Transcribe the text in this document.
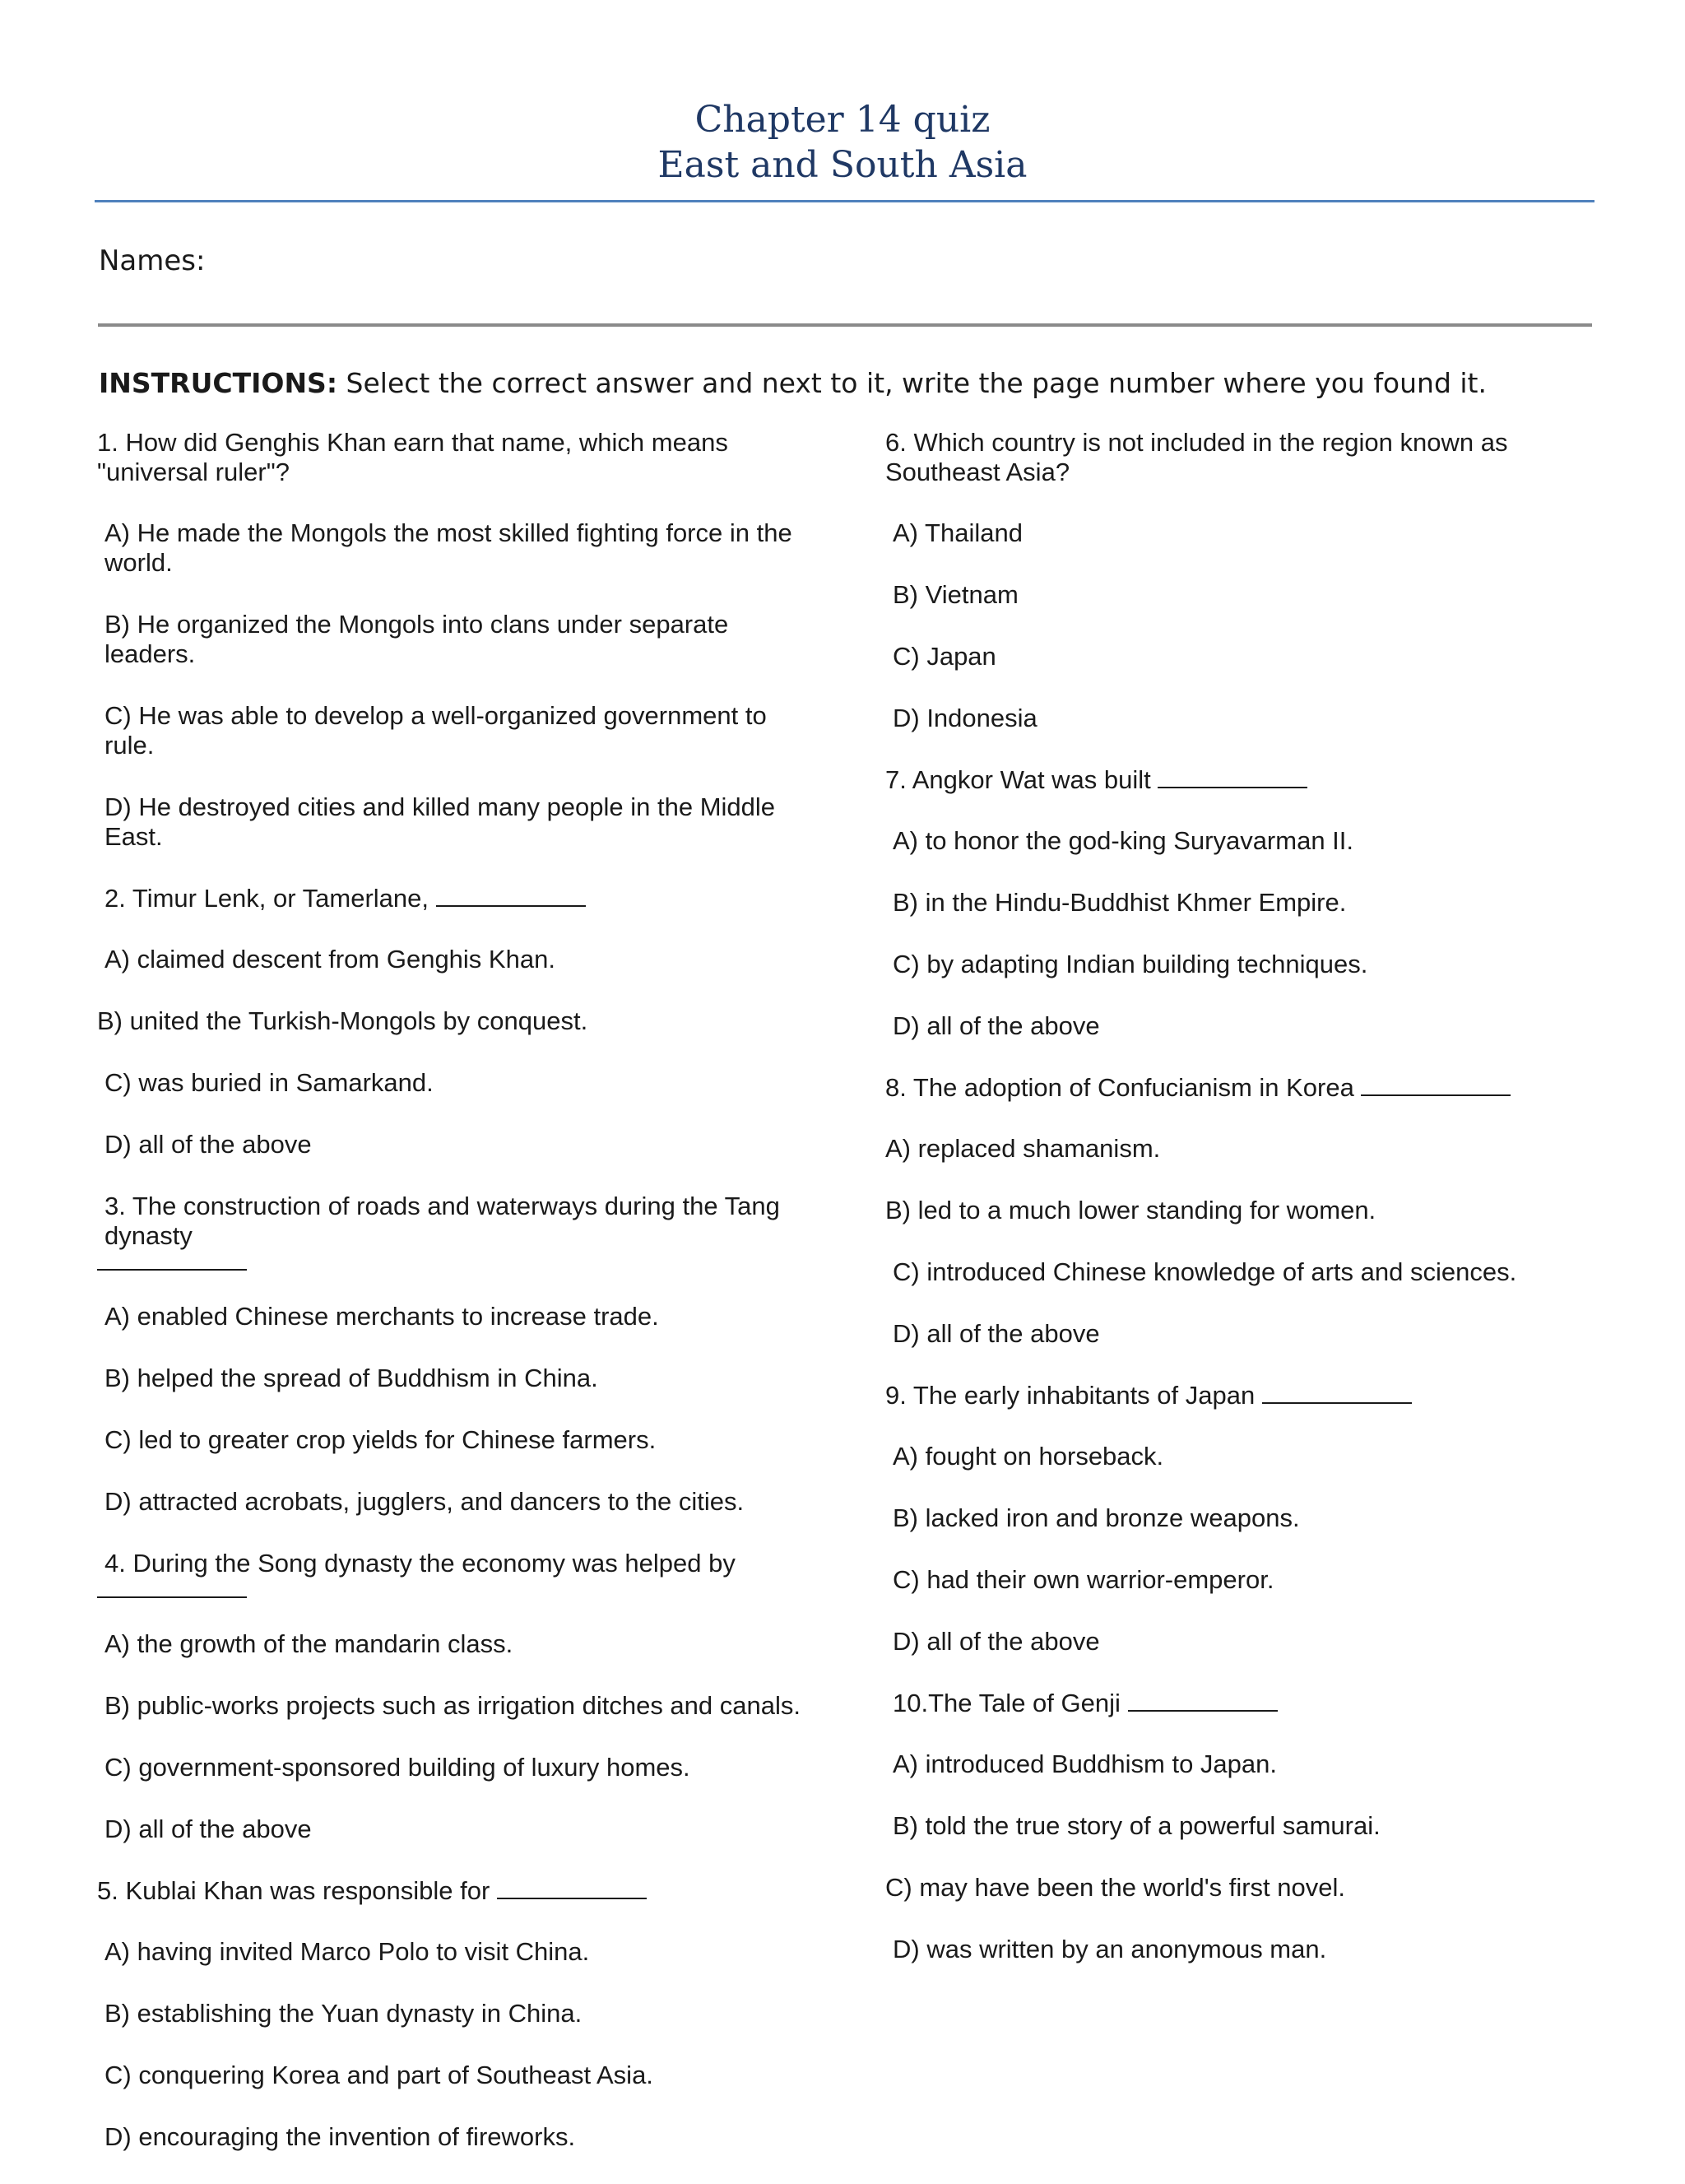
Chapter 14 quiz
East and South Asia
Names:
INSTRUCTIONS: Select the correct answer and next to it, write the page number where you found it.

1. How did Genghis Khan earn that name, which means "universal ruler"?

A) He made the Mongols the most skilled fighting force in the world.

B) He organized the Mongols into clans under separate leaders.

C) He was able to develop a well-organized government to rule.

D) He destroyed cities and killed many people in the Middle East.

2. Timur Lenk, or Tamerlane,

A) claimed descent from Genghis Khan.

B) united the Turkish-Mongols by conquest.

C) was buried in Samarkand.

D) all of the above

3. The construction of roads and waterways during the Tang dynasty

A) enabled Chinese merchants to increase trade.

B) helped the spread of Buddhism in China.

C) led to greater crop yields for Chinese farmers.

D) attracted acrobats, jugglers, and dancers to the cities.

4. During the Song dynasty the economy was helped by

A) the growth of the mandarin class.

B) public-works projects such as irrigation ditches and canals.

C) government-sponsored building of luxury homes.

D) all of the above

5. Kublai Khan was responsible for

A) having invited Marco Polo to visit China.

B) establishing the Yuan dynasty in China.

C) conquering Korea and part of Southeast Asia.

D) encouraging the invention of fireworks.

6. Which country is not included in the region known as Southeast Asia?

A) Thailand

B) Vietnam

C) Japan

D) Indonesia

7. Angkor Wat was built

A) to honor the god-king Suryavarman II.

B) in the Hindu-Buddhist Khmer Empire.

C) by adapting Indian building techniques.

D) all of the above

8. The adoption of Confucianism in Korea

A) replaced shamanism.

B) led to a much lower standing for women.

C) introduced Chinese knowledge of arts and sciences.

D) all of the above

9. The early inhabitants of Japan

A) fought on horseback.

B) lacked iron and bronze weapons.

C) had their own warrior-emperor.

D) all of the above

10.The Tale of Genji

A) introduced Buddhism to Japan.

B) told the true story of a powerful samurai.

C) may have been the world's first novel.

D) was written by an anonymous man.
